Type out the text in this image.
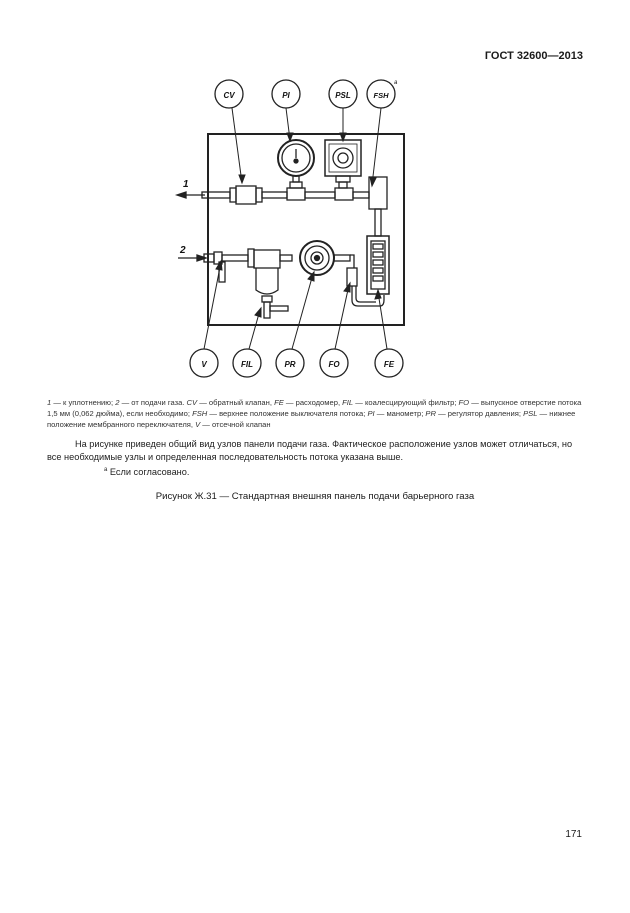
ГОСТ 32600—2013
CV	PI	PSL	FSH
a
V	FIL	PR	FO	FE
1
2
1 — к уплотнению; 2 — от подачи газа. CV — обратный клапан, FE — расходомер, FIL — коалесцирующий фильтр; FO — выпускное отверстие потока 1,5 мм (0,062 дюйма), если необходимо; FSH — верхнее положение выключателя потока; PI — манометр; PR — регулятор давления; PSL — нижнее положение мембранного переключателя, V — отсечной клапан

На рисунке приведен общий вид узлов панели подачи газа. Фактическое расположение узлов может отличаться, но все необходимые узлы и определенная последовательность потока указана выше.

$^a$ Если согласовано.

Рисунок Ж.31 — Стандартная внешняя панель подачи барьерного газа
171
